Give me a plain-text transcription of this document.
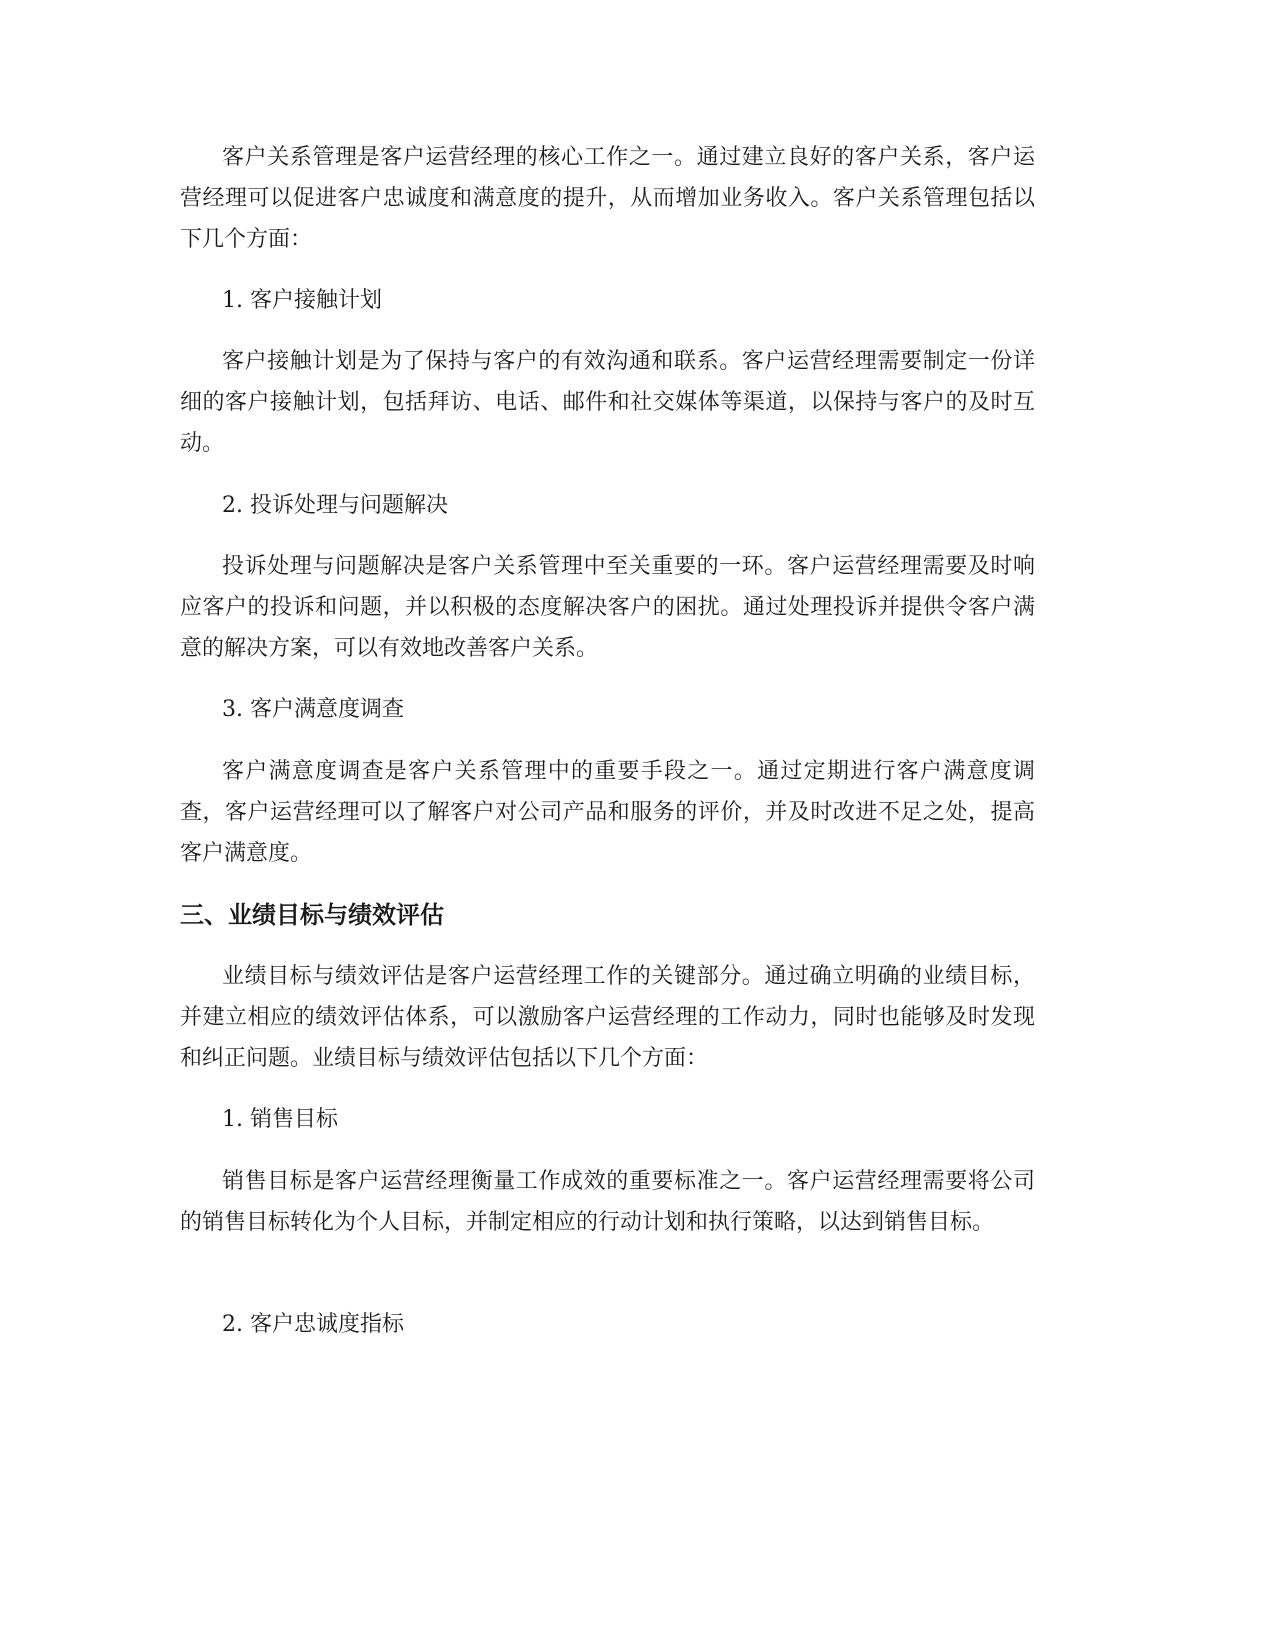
客户关系管理是客户运营经理的核心工作之一。通过建立良好的客户关系，客户运营经理可以促进客户忠诚度和满意度的提升，从而增加业务收入。客户关系管理包括以下几个方面：

1. 客户接触计划

客户接触计划是为了保持与客户的有效沟通和联系。客户运营经理需要制定一份详细的客户接触计划，包括拜访、电话、邮件和社交媒体等渠道，以保持与客户的及时互动。

2. 投诉处理与问题解决

投诉处理与问题解决是客户关系管理中至关重要的一环。客户运营经理需要及时响应客户的投诉和问题，并以积极的态度解决客户的困扰。通过处理投诉并提供令客户满意的解决方案，可以有效地改善客户关系。

3. 客户满意度调查

客户满意度调查是客户关系管理中的重要手段之一。通过定期进行客户满意度调查，客户运营经理可以了解客户对公司产品和服务的评价，并及时改进不足之处，提高客户满意度。

三、业绩目标与绩效评估

业绩目标与绩效评估是客户运营经理工作的关键部分。通过确立明确的业绩目标，并建立相应的绩效评估体系，可以激励客户运营经理的工作动力，同时也能够及时发现和纠正问题。业绩目标与绩效评估包括以下几个方面：

1. 销售目标

销售目标是客户运营经理衡量工作成效的重要标准之一。客户运营经理需要将公司的销售目标转化为个人目标，并制定相应的行动计划和执行策略，以达到销售目标。

2. 客户忠诚度指标
